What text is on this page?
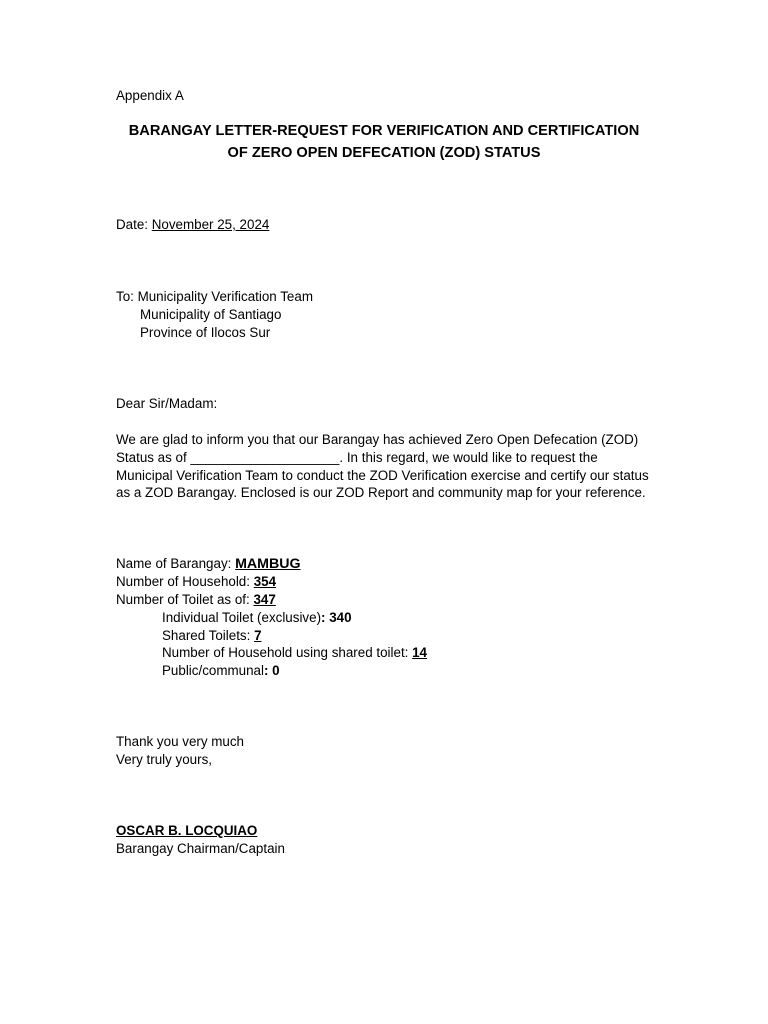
Appendix A
BARANGAY LETTER-REQUEST FOR VERIFICATION AND CERTIFICATION
OF ZERO OPEN DEFECATION (ZOD) STATUS
Date: November 25, 2024
To: Municipality Verification Team
Municipality of Santiago
Province of Ilocos Sur
Dear Sir/Madam:
We are glad to inform you that our Barangay has achieved Zero Open Defecation (ZOD) Status as of ____________________. In this regard, we would like to request the Municipal Verification Team to conduct the ZOD Verification exercise and certify our status as a ZOD Barangay. Enclosed is our ZOD Report and community map for your reference.
Name of Barangay: MAMBUG
Number of Household: 354
Number of Toilet as of: 347
Individual Toilet (exclusive): 340
Shared Toilets: 7
Number of Household using shared toilet: 14
Public/communal: 0
Thank you very much
Very truly yours,
OSCAR B. LOCQUIAO
Barangay Chairman/Captain
